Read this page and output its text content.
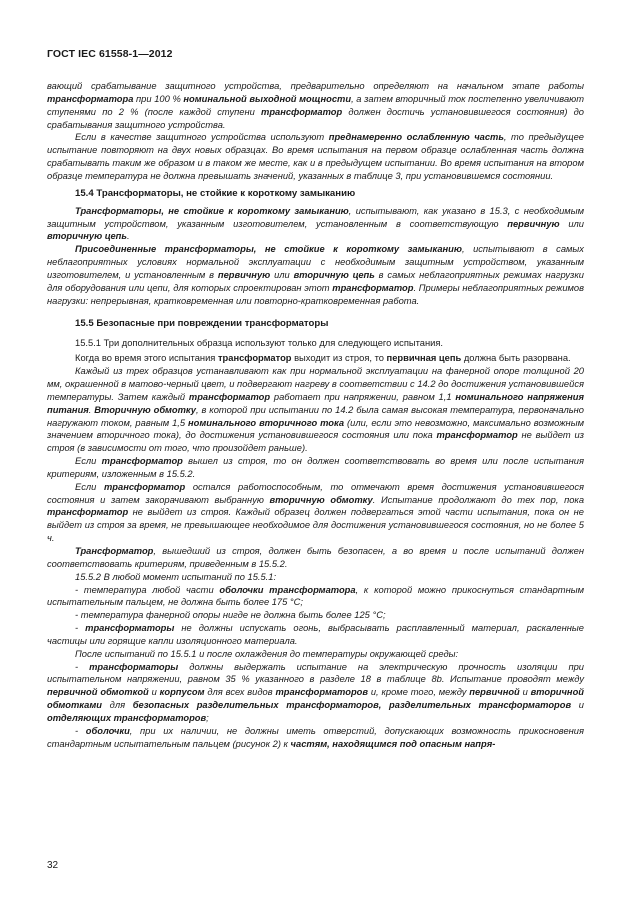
ГОСТ IEC 61558-1—2012

вающий срабатывание защитного устройства, предварительно определяют на начальном этапе работы трансформатора при 100 % номинальной выходной мощности, а затем вторичный ток постепенно увеличивают ступенями по 2 % (после каждой ступени трансформатор должен достичь установившегося состояния) до срабатывания защитного устройства.

Если в качестве защитного устройства используют преднамеренно ослабленную часть, то предыдущее испытание повторяют на двух новых образцах. Во время испытания на первом образце ослабленная часть должна срабатывать таким же образом и в таком же месте, как и в предыдущем испытании. Во время испытания на втором образце температура не должна превышать значений, указанных в таблице 3, при установившемся состоянии.

15.4 Трансформаторы, не стойкие к короткому замыканию

Трансформаторы, не стойкие к короткому замыканию, испытывают, как указано в 15.3, с необходимым защитным устройством, указанным изготовителем, установленным в соответствующую первичную или вторичную цепь.

Присоединенные трансформаторы, не стойкие к короткому замыканию, испытывают в самых неблагоприятных условиях нормальной эксплуатации с необходимым защитным устройством, указанным изготовителем, и установленным в первичную или вторичную цепь в самых неблагоприятных режимах нагрузки для оборудования или цепи, для которых спроектирован этот трансформатор. Примеры неблагоприятных режимов нагрузки: непрерывная, кратковременная или повторно-кратковременная работа.

15.5 Безопасные при повреждении трансформаторы

15.5.1 Три дополнительных образца используют только для следующего испытания.

Когда во время этого испытания трансформатор выходит из строя, то первичная цепь должна быть разорвана.

Каждый из трех образцов устанавливают как при нормальной эксплуатации на фанерной опоре толщиной 20 мм, окрашенной в матово-черный цвет, и подвергают нагреву в соответствии с 14.2 до достижения установившейся температуры. Затем каждый трансформатор работает при напряжении, равном 1,1 номинального напряжения питания. Вторичную обмотку, в которой при испытании по 14.2 была самая высокая температура, первоначально нагружают током, равным 1,5 номинального вторичного тока (или, если это невозможно, максимально возможным значением вторичного тока), до достижения установившегося состояния или пока трансформатор не выйдет из строя (в зависимости от того, что произойдет раньше).

Если трансформатор вышел из строя, то он должен соответствовать во время или после испытания критериям, изложенным в 15.5.2.

Если трансформатор остался работоспособным, то отмечают время достижения установившегося состояния и затем закорачивают выбранную вторичную обмотку. Испытание продолжают до тех пор, пока трансформатор не выйдет из строя. Каждый образец должен подвергаться этой части испытания, пока он не выйдет из строя за время, не превышающее необходимое для достижения установившегося состояния, но не более 5 ч.

Трансформатор, вышедший из строя, должен быть безопасен, а во время и после испытаний должен соответствовать критериям, приведенным в 15.5.2.

15.5.2 В любой момент испытаний по 15.5.1:

- температура любой части оболочки трансформатора, к которой можно прикоснуться стандартным испытательным пальцем, не должна быть более 175 °С;

- температура фанерной опоры нигде не должна быть более 125 °С;

- трансформаторы не должны испускать огонь, выбрасывать расплавленный материал, раскаленные частицы или горящие капли изоляционного материала.

После испытаний по 15.5.1 и после охлаждения до температуры окружающей среды:

- трансформаторы должны выдержать испытание на электрическую прочность изоляции при испытательном напряжении, равном 35 % указанного в разделе 18 в таблице 8b. Испытание проводят между первичной обмоткой и корпусом для всех видов трансформаторов и, кроме того, между первичной и вторичной обмотками для безопасных разделительных трансформаторов, разделительных трансформаторов и отделяющих трансформаторов;

- оболочки, при их наличии, не должны иметь отверстий, допускающих возможность прикосновения стандартным испытательным пальцем (рисунок 2) к частям, находящимся под опасным напря-

32
